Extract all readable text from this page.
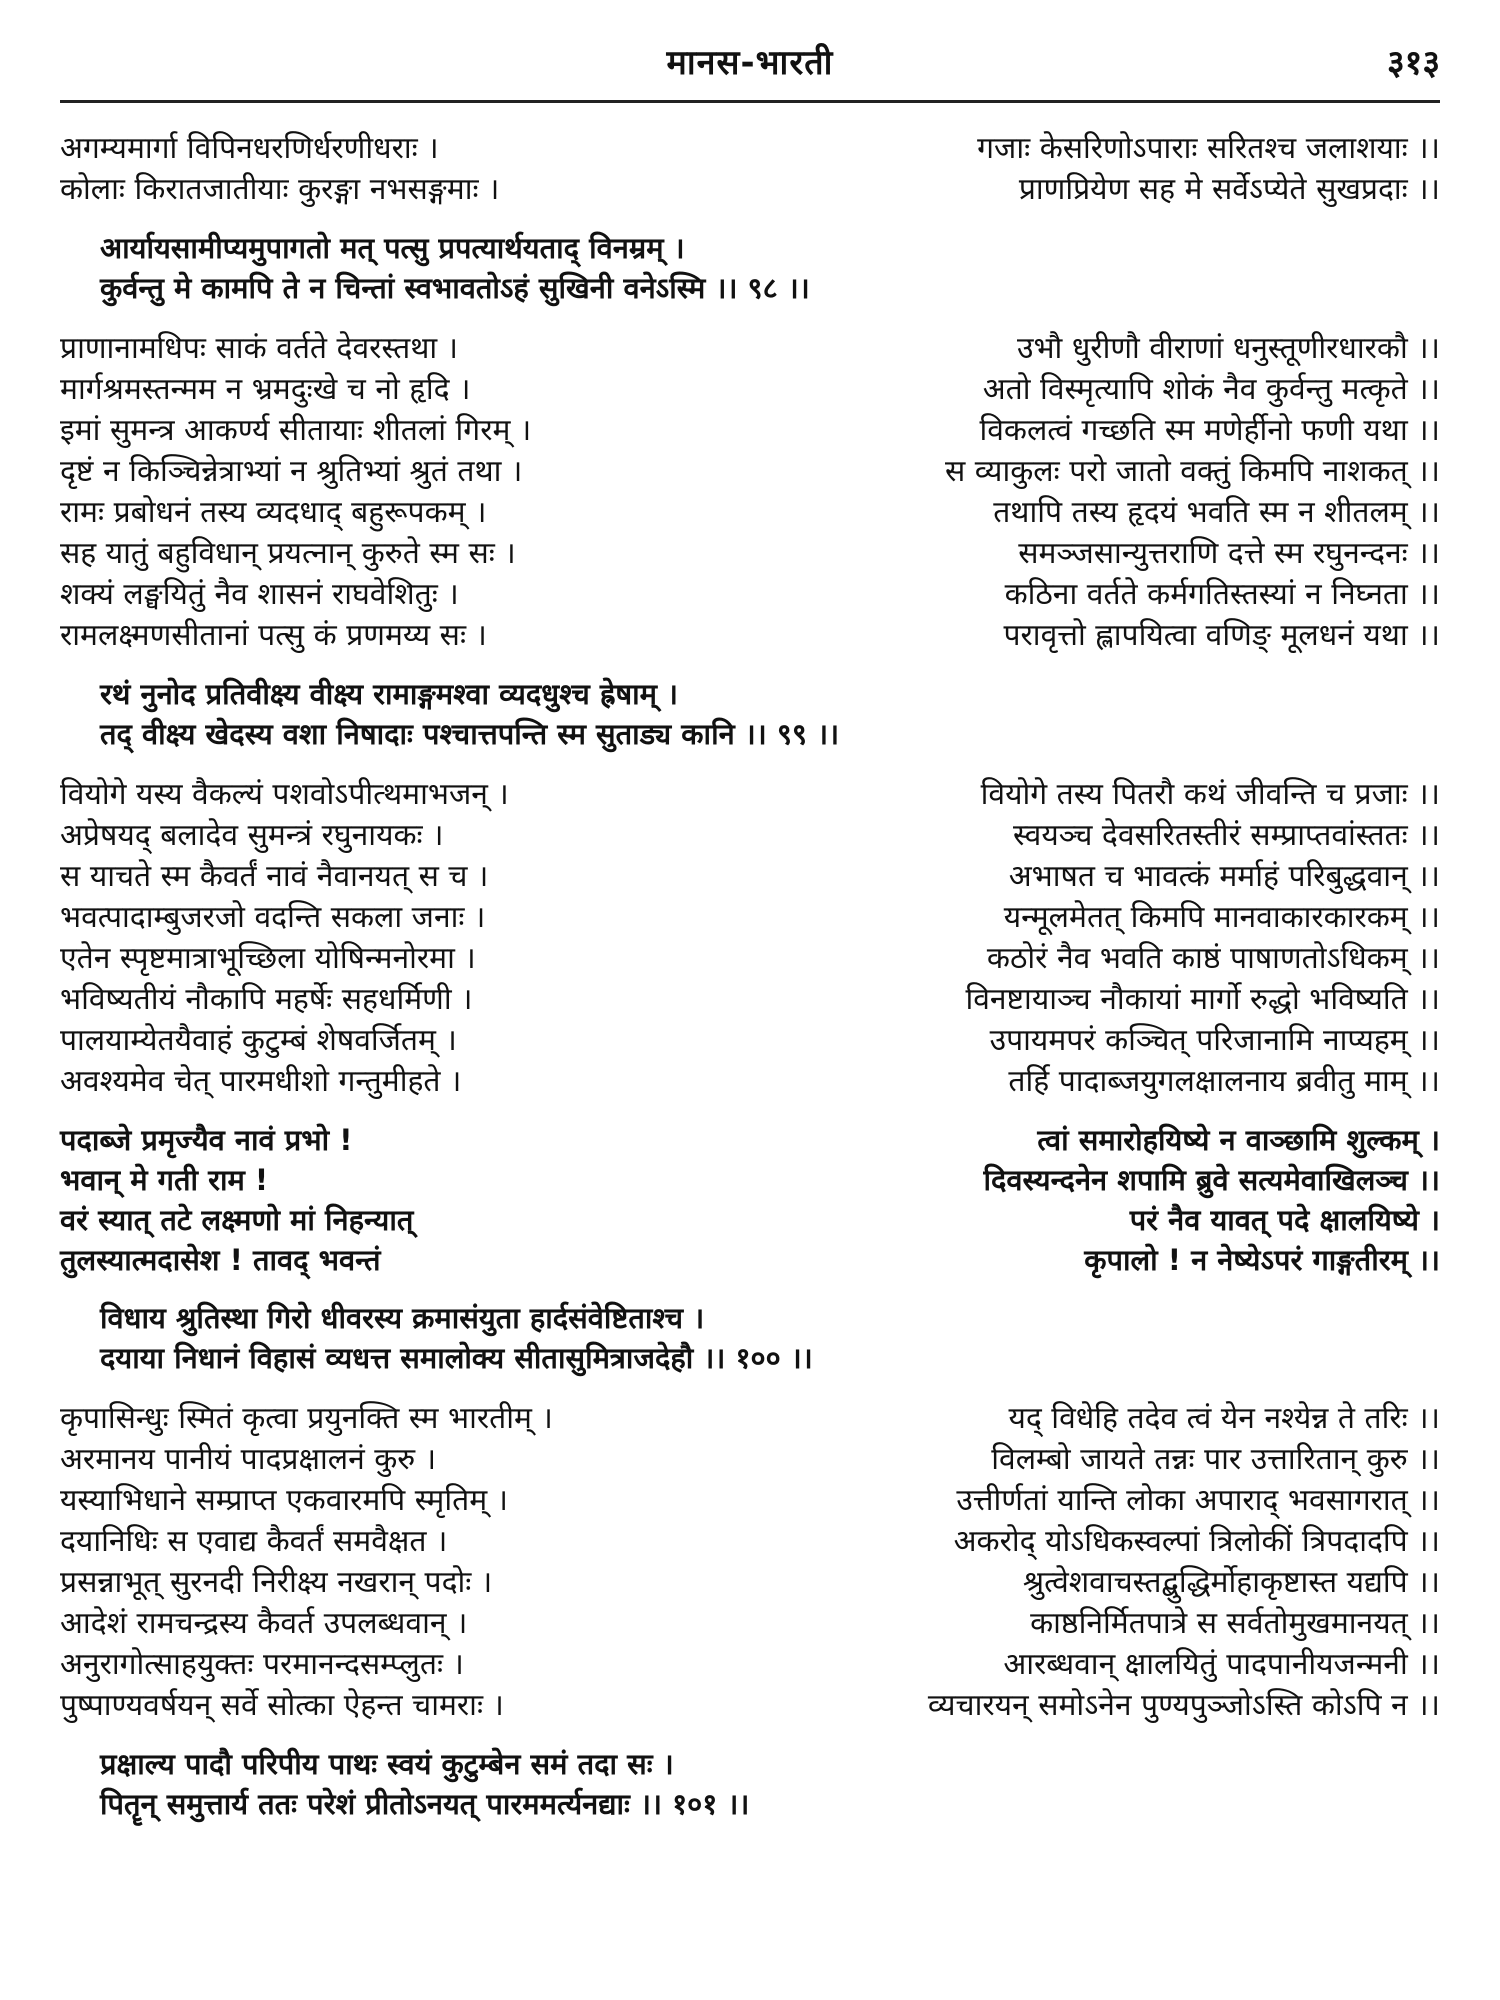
मानस-भारती	३१३
अगम्यमार्गा विपिनधरणिर्धरणीधराः ।	गजाः केसरिणोऽपाराः सरितश्च जलाशयाः ।।
कोलाः किरातजातीयाः कुरङ्गा नभसङ्गमाः ।	प्राणप्रियेण सह मे सर्वेऽप्येते सुखप्रदाः ।।
आर्यायसामीप्यमुपागतो मत् पत्सु प्रपत्यार्थयताद् विनम्रम् ।
कुर्वन्तु मे कामपि ते न चिन्तां स्वभावतोऽहं सुखिनी वनेऽस्मि ।। ९८ ।।
प्राणानामधिपः साकं वर्तते देवरस्तथा ।	उभौ धुरीणौ वीराणां धनुस्तूणीरधारकौ ।।
मार्गश्रमस्तन्मम न भ्रमदुःखे च नो हृदि ।	अतो विस्मृत्यापि शोकं नैव कुर्वन्तु मत्कृते ।।
इमां सुमन्त्र आकर्ण्य सीतायाः शीतलां गिरम् ।	विकलत्वं गच्छति स्म मणेर्हीनो फणी यथा ।।
दृष्टं न किञ्चिन्नेत्राभ्यां न श्रुतिभ्यां श्रुतं तथा ।	स व्याकुलः परो जातो वक्तुं किमपि नाशकत् ।।
रामः प्रबोधनं तस्य व्यदधाद् बहुरूपकम् ।	तथापि तस्य हृदयं भवति स्म न शीतलम् ।।
सह यातुं बहुविधान् प्रयत्नान् कुरुते स्म सः ।	समञ्जसान्युत्तराणि दत्ते स्म रघुनन्दनः ।।
शक्यं लङ्घयितुं नैव शासनं राघवेशितुः ।	कठिना वर्तते कर्मगतिस्तस्यां न निघ्नता ।।
रामलक्ष्मणसीतानां पत्सु कं प्रणमय्य सः ।	परावृत्तो ह्लापयित्वा वणिङ् मूलधनं यथा ।।
रथं नुनोद प्रतिवीक्ष्य वीक्ष्य रामाङ्गमश्वा व्यदधुश्च ह्रेषाम् ।
तद् वीक्ष्य खेदस्य वशा निषादाः पश्चात्तपन्ति स्म सुताड्य कानि ।। ९९ ।।
वियोगे यस्य वैकल्यं पशवोऽपीत्थमाभजन् ।	वियोगे तस्य पितरौ कथं जीवन्ति च प्रजाः ।।
अप्रेषयद् बलादेव सुमन्त्रं रघुनायकः ।	स्वयञ्च देवसरितस्तीरं सम्प्राप्तवांस्ततः ।।
स याचते स्म कैवर्तं नावं नैवानयत् स च ।	अभाषत च भावत्कं मर्माहं परिबुद्धवान् ।।
भवत्पादाम्बुजरजो वदन्ति सकला जनाः ।	यन्मूलमेतत् किमपि मानवाकारकारकम् ।।
एतेन स्पृष्टमात्राभूच्छिला योषिन्मनोरमा ।	कठोरं नैव भवति काष्ठं पाषाणतोऽधिकम् ।।
भविष्यतीयं नौकापि महर्षेः सहधर्मिणी ।	विनष्टायाञ्च नौकायां मार्गो रुद्धो भविष्यति ।।
पालयाम्येतयैवाहं कुटुम्बं शेषवर्जितम् ।	उपायमपरं कञ्चित् परिजानामि नाप्यहम् ।।
अवश्यमेव चेत् पारमधीशो गन्तुमीहते ।	तर्हि पादाब्जयुगलक्षालनाय ब्रवीतु माम् ।।
पदाब्जे प्रमृज्यैव नावं प्रभो !	त्वां समारोहयिष्ये न वाञ्छामि शुल्कम् ।
भवान् मे गती राम !	दिवस्यन्दनेन शपामि ब्रुवे सत्यमेवाखिलञ्च ।।
वरं स्यात् तटे लक्ष्मणो मां निहन्यात्	परं नैव यावत् पदे क्षालयिष्ये ।
तुलस्यात्मदासेश ! तावद् भवन्तं	कृपालो ! न नेष्येऽपरं गाङ्गतीरम् ।।
विधाय श्रुतिस्था गिरो धीवरस्य क्रमासंयुता हार्दसंवेष्टिताश्च ।
दयाया निधानं विहासं व्यधत्त समालोक्य सीतासुमित्राजदेहौ ।। १०० ।।
कृपासिन्धुः स्मितं कृत्वा प्रयुनक्ति स्म भारतीम् ।	यद् विधेहि तदेव त्वं येन नश्येन्न ते तरिः ।।
अरमानय पानीयं पादप्रक्षालनं कुरु ।	विलम्बो जायते तन्नः पार उत्तारितान् कुरु ।।
यस्याभिधाने सम्प्राप्त एकवारमपि स्मृतिम् ।	उत्तीर्णतां यान्ति लोका अपाराद् भवसागरात् ।।
दयानिधिः स एवाद्य कैवर्तं समवैक्षत ।	अकरोद् योऽधिकस्वल्पां त्रिलोकीं त्रिपदादपि ।।
प्रसन्नाभूत् सुरनदी निरीक्ष्य नखरान् पदोः ।	श्रुत्वेशवाचस्तद्बुद्धिर्मोहाकृष्टास्त यद्यपि ।।
आदेशं रामचन्द्रस्य कैवर्त उपलब्धवान् ।	काष्ठनिर्मितपात्रे स सर्वतोमुखमानयत् ।।
अनुरागोत्साहयुक्तः परमानन्दसम्प्लुतः ।	आरब्धवान् क्षालयितुं पादपानीयजन्मनी ।।
पुष्पाण्यवर्षयन् सर्वे सोत्का ऐहन्त चामराः ।	व्यचारयन् समोऽनेन पुण्यपुञ्जोऽस्ति कोऽपि न ।।
प्रक्षाल्य पादौ परिपीय पाथः स्वयं कुटुम्बेन समं तदा सः ।
पितॄन् समुत्तार्य ततः परेशं प्रीतोऽनयत् पारममर्त्यनद्याः ।। १०१ ।।
